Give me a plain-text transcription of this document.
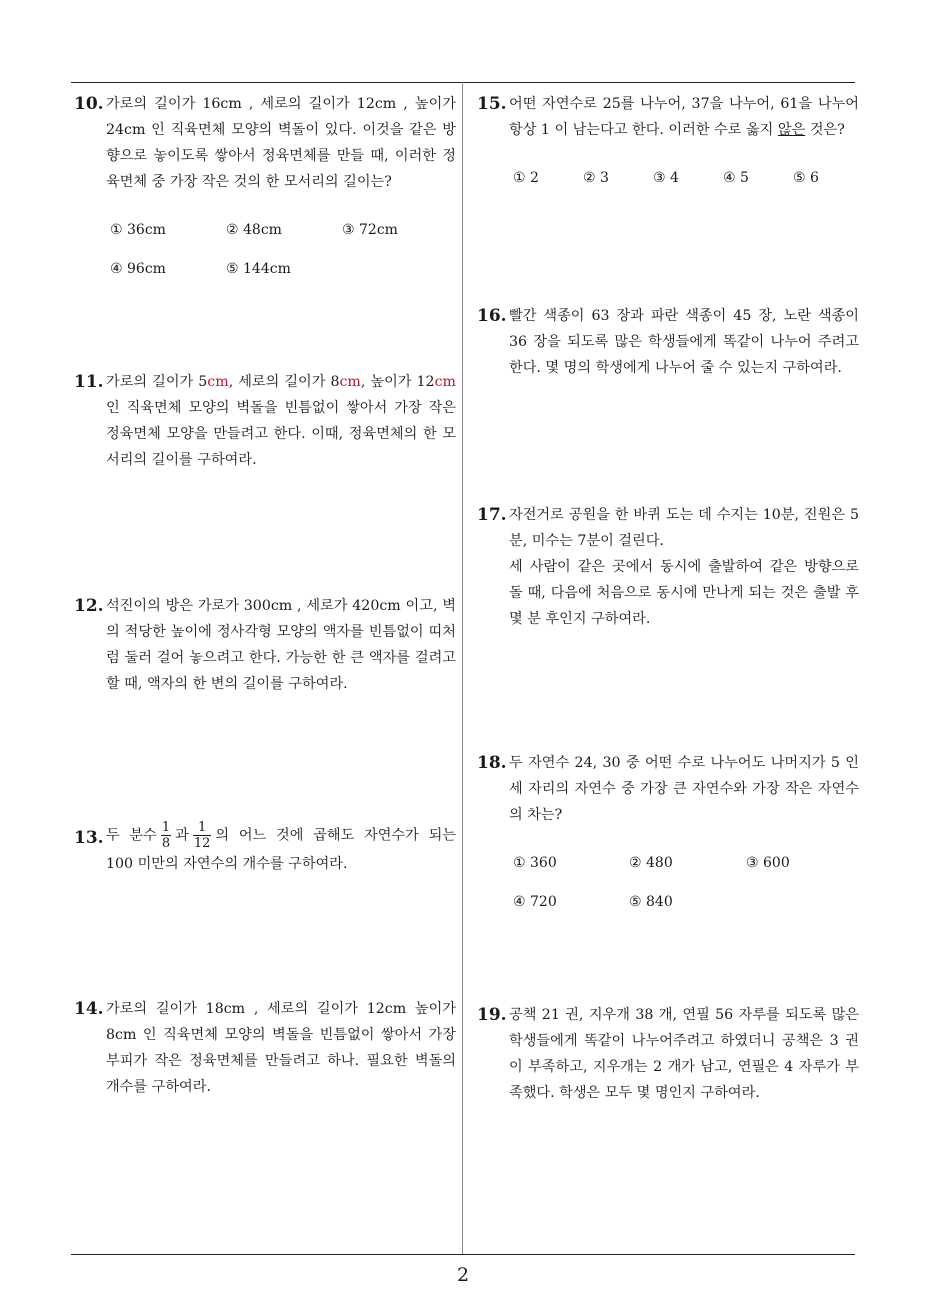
10. 가로의 길이가 16cm , 세로의 길이가 12cm , 높이가 24cm 인 직육면체 모양의 벽돌이 있다. 이것을 같은 방향으로 놓이도록 쌓아서 정육면체를 만들 때, 이러한 정육면체 중 가장 작은 것의 한 모서리의 길이는?
① 36cm	② 48cm	③ 72cm
④ 96cm	⑤ 144cm
11. 가로의 길이가 5cm, 세로의 길이가 8cm, 높이가 12cm 인 직육면체 모양의 벽돌을 빈틈없이 쌓아서 가장 작은 정육면체 모양을 만들려고 한다. 이때, 정육면체의 한 모서리의 길이를 구하여라.
12. 석진이의 방은 가로가 300cm , 세로가 420cm 이고, 벽의 적당한 높이에 정사각형 모양의 액자를 빈틈없이 띠처럼 둘러 걸어 놓으려고 한다. 가능한 한 큰 액자를 걸려고 할 때, 액자의 한 변의 길이를 구하여라.
13. 두 분수 $\frac{1}{8}$ 과 $\frac{1}{12}$ 의 어느 것에 곱해도 자연수가 되는 100 미만의 자연수의 개수를 구하여라.
14. 가로의 길이가 18cm , 세로의 길이가 12cm 높이가 8cm 인 직육면체 모양의 벽돌을 빈틈없이 쌓아서 가장 부피가 작은 정육면체를 만들려고 하나. 필요한 벽돌의 개수를 구하여라.
15. 어떤 자연수로 25를 나누어, 37을 나누어, 61을 나누어 항상 1 이 남는다고 한다. 이러한 수로 옳지 않은 것은?
① 2	② 3	③ 4	④ 5	⑤ 6
16. 빨간 색종이 63 장과 파란 색종이 45 장, 노란 색종이 36 장을 되도록 많은 학생들에게 똑같이 나누어 주려고 한다. 몇 명의 학생에게 나누어 줄 수 있는지 구하여라.
17. 자전거로 공원을 한 바퀴 도는 데 수지는 10분, 진원은 5분, 미수는 7분이 걸린다.

세 사람이 같은 곳에서 동시에 출발하여 같은 방향으로 돌 때, 다음에 처음으로 동시에 만나게 되는 것은 출발 후 몇 분 후인지 구하여라.

18. 두 자연수 24, 30 중 어떤 수로 나누어도 나머지가 5 인 세 자리의 자연수 중 가장 큰 자연수와 가장 작은 자연수의 차는?
① 360	② 480	③ 600
④ 720	⑤ 840
19. 공책 21 권, 지우개 38 개, 연필 56 자루를 되도록 많은 학생들에게 똑같이 나누어주려고 하였더니 공책은 3 권이 부족하고, 지우개는 2 개가 남고, 연필은 4 자루가 부족했다. 학생은 모두 몇 명인지 구하여라.
2
